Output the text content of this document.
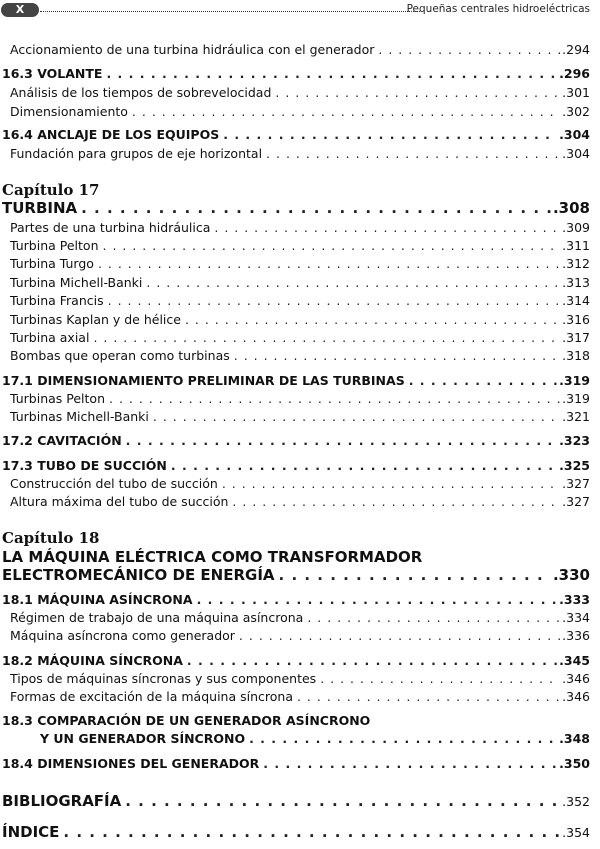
X	Pequeñas centrales hidroeléctricas
Accionamiento de una turbina hidráulica con el generador . . .	.294
16.3 VOLANTE . . .	.296
Análisis de los tiempos de sobrevelocidad . . .	.301
Dimensionamiento . . .	.302
16.4 ANCLAJE DE LOS EQUIPOS . . .	.304
Fundación para grupos de eje horizontal . . .	.304
Capítulo 17
TURBINA . . .	.308
Partes de una turbina hidráulica . . .	.309
Turbina Pelton . . .	.311
Turbina Turgo . . .	.312
Turbina Michell-Banki . . .	.313
Turbina Francis . . .	.314
Turbinas Kaplan y de hélice . . .	.316
Turbina axial . . .	.317
Bombas que operan como turbinas . . .	.318
17.1 DIMENSIONAMIENTO PRELIMINAR DE LAS TURBINAS . . .	.319
Turbinas Pelton . . .	.319
Turbinas Michell-Banki . . .	.321
17.2 CAVITACIÓN . . .	.323
17.3 TUBO DE SUCCIÓN . . .	.325
Construcción del tubo de succión . . .	.327
Altura máxima del tubo de succión . . .	.327
Capítulo 18
LA MÁQUINA ELÉCTRICA COMO TRANSFORMADOR
ELECTROMECÁNICO DE ENERGÍA . . .	.330
18.1 MÁQUINA ASÍNCRONA . . .	.333
Régimen de trabajo de una máquina asíncrona . . .	.334
Máquina asíncrona como generador . . .	.336
18.2 MÁQUINA SÍNCRONA . . .	.345
Tipos de máquinas síncronas y sus componentes . . .	.346
Formas de excitación de la máquina síncrona . . .	.346
18.3 COMPARACIÓN DE UN GENERADOR ASÍNCRONO
Y UN GENERADOR SÍNCRONO . . .	.348
18.4 DIMENSIONES DEL GENERADOR . . .	.350
BIBLIOGRAFÍA . . .	.352
ÍNDICE . . .	.354
